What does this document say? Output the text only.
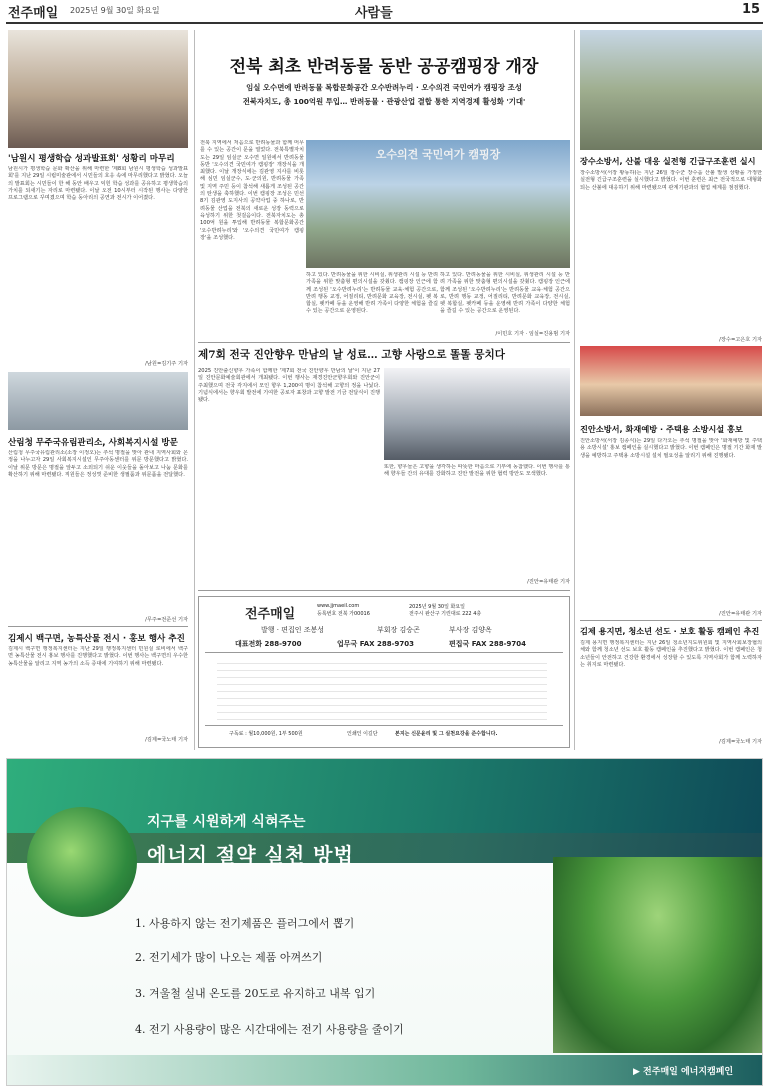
전주매일 2025년 9월 30일 화요일	사람들	15
'남원시 평생학습 성과발표회' 성황리 마무리
남원시가 평생학습 문화 확산을 위해 마련한 '제8회 남원시 평생학습 성과발표회'를 지난 29일 시립미술관에서 시민들의 호응 속에 마무리했다고 밝혔다. 오늘의 발표회는 시민들이 한 해 동안 배우고 익힌 학습 성과를 공유하고 평생학습의 가치를 되새기는 자리로 마련됐다. 이날 오전 10시부터 시작된 행사는 다양한 프로그램으로 꾸며졌으며 학습 동아리의 공연과 전시가 이어졌다.
/남원=김기주 기자
산림청 무주국유림관리소, 사회복지시설 방문
산림청 무주국유림관리소(소장 이정오)는 추석 명절을 맞아 관내 지역사회와 온정을 나누고자 29일 사회복지시설인 무주아동센터를 위문 방문했다고 밝혔다. 이날 위문 방문은 명절을 앞두고 소외되기 쉬운 이웃들을 돌아보고 나눔 문화를 확산하기 위해 마련됐다. 직원들은 정성껏 준비한 생필품과 위문품을 전달했다.
/무주=전준선 기자
김제시 백구면, 농특산물 전시 · 홍보 행사 추진
김제시 백구면 행정복지센터는 지난 29일 행정복지센터 민원실 로비에서 백구면 농특산물 전시 홍보 행사를 진행했다고 밝혔다. 이번 행사는 백구면의 우수한 농특산물을 알리고 지역 농가의 소득 증대에 기여하기 위해 마련됐다.
/김제=국노태 기자
전북 최초 반려동물 동반 공공캠핑장 개장
임실 오수면에 반려동물 복합문화공간 오수반려누리 · 오수의견 국민여가 캠핑장 조성
전북자치도, 총 100억원 투입… 반려동물 · 관광산업 결합 통한 지역경제 활성화 '기대'
전북 지역에서 처음으로 반려동물과 함께 머무를 수 있는 공간이 문을 열었다. 전북특별자치도는 29일 임실군 오수면 일원에서 반려동물 동반 '오수의견 국민여가 캠핑장' 개장식을 개최했다. 이날 개장식에는 김관영 지사를 비롯해 심민 임실군수, 도·군의원, 반려동물 가족 및 지역 주민 등이 참석해 새롭게 조성된 공간의 탄생을 축하했다. 이번 캠핑장 조성은 민선8기 김관영 도지사의 공약사업 중 하나로, 반려동물 산업을 전북의 새로운 성장 동력으로 육성하기 위한 첫걸음이다. 전북자치도는 총 100억 원을 투입해 반려동물 복합문화공간 '오수반려누리'와 '오수의견 국민여가 캠핑장'을 조성했다.
오수의견 국민여가 캠핑장
하고 있다. 반려동물을 위한 시비실, 위생관리 시설 등 반려 가족을 위한 맞춤형 편의시설을 갖췄다. 캠핑장 인근에 함께 조성된 '오수반려누리'는 반려동물 교육·체험 공간으로, 반려 행동 교정, 어질리티, 반려문화 교육장, 전시실, 펫 복합실, 펫카페 등을 운영해 반려 가족이 다양한 체험을 즐길 수 있는 공간으로 운영된다.
하고 있다. 반려동물을 위한 시비실, 위생관리 시설 등 반려 가족을 위한 맞춤형 편의시설을 갖췄다. 캠핑장 인근에 함께 조성된 '오수반려누리'는 반려동물 교육·체험 공간으로, 반려 행동 교정, 어질리티, 반려문화 교육장, 전시실, 펫 복합실, 펫카페 등을 운영해 반려 가족이 다양한 체험을 즐길 수 있는 공간으로 운영된다.
/이민호 기자 · 임실=진용범 기자
제7회 전국 진안향우 만남의 날 성료… 고향 사랑으로 똘똘 뭉치다
2025 진안출신향우 가족이 함께한 '제7회 전국 진안향우 만남의 날'이 지난 27일 진안문화예술회관에서 개최됐다. 이번 행사는 재경진안군향우회와 진안군이 주최했으며 전국 각지에서 모인 향우 1,200여 명이 참석해 고향의 정을 나눴다. 기념식에서는 향우회 발전에 기여한 공로자 표창과 고향 발전 기금 전달식이 진행됐다.
또한, 향우들은 고향을 생각하는 따뜻한 마음으로 기부에 동참했다. 이번 행사를 통해 향우들 간의 유대를 강화하고 진안 발전을 위한 협력 방안도 모색했다.
/진안=유태관 기자
전주매일
www.jjmaeil.com
등록번호 전북 가00016
2025년 9월 30일 화요일
전주시 완산구 기린대로 222 4층
발행 · 편집인 조봉성	부회장 김승곤	부사장 김양옥
대표전화 288-9700	업무국 FAX 288-9703	편집국 FAX 288-9704
구독료 : 월10,000원, 1부 500원	인쇄인 이길단	본지는 신문윤리 및 그 실천요강을 준수합니다.
장수소방서, 산불 대응 실전형 긴급구조훈련 실시
장수소방서(서장 황동하)는 지난 26일 장수군 장수읍 산불 발생 상황을 가정한 실전형 긴급구조훈련을 실시했다고 밝혔다. 이번 훈련은 최근 전국적으로 대형화되는 산불에 대응하기 위해 마련됐으며 관계기관과의 협업 체계를 점검했다.
/장수=고은호 기자
진안소방서, 화재예방 · 주택용 소방시설 홍보
진안소방서(서장 김종식)는 29일 다가오는 추석 명절을 맞아 '화재예방 및 주택용 소방시설' 홍보 캠페인을 실시했다고 밝혔다. 이번 캠페인은 명절 기간 화재 발생을 예방하고 주택용 소방시설 설치 필요성을 알리기 위해 진행됐다.
/진안=유태관 기자
김제 용지면, 청소년 선도 · 보호 활동 캠페인 추진
김제 용지면 행정복지센터는 지난 26일 청소년지도위원회 및 지역사회보장협의체와 함께 청소년 선도 보호 활동 캠페인을 추진했다고 밝혔다. 이번 캠페인은 청소년들이 안전하고 건강한 환경에서 성장할 수 있도록 지역사회가 함께 노력하자는 취지로 마련됐다.
/김제=국노태 기자
지구를 시원하게 식혀주는
에너지 절약 실천 방법
1. 사용하지 않는 전기제품은 플러그에서 뽑기
2. 전기세가 많이 나오는 제품 아껴쓰기
3. 겨울철 실내 온도를 20도로 유지하고 내복 입기
4. 전기 사용량이 많은 시간대에는 전기 사용량을 줄이기
▶ 전주매일 에너지캠페인
